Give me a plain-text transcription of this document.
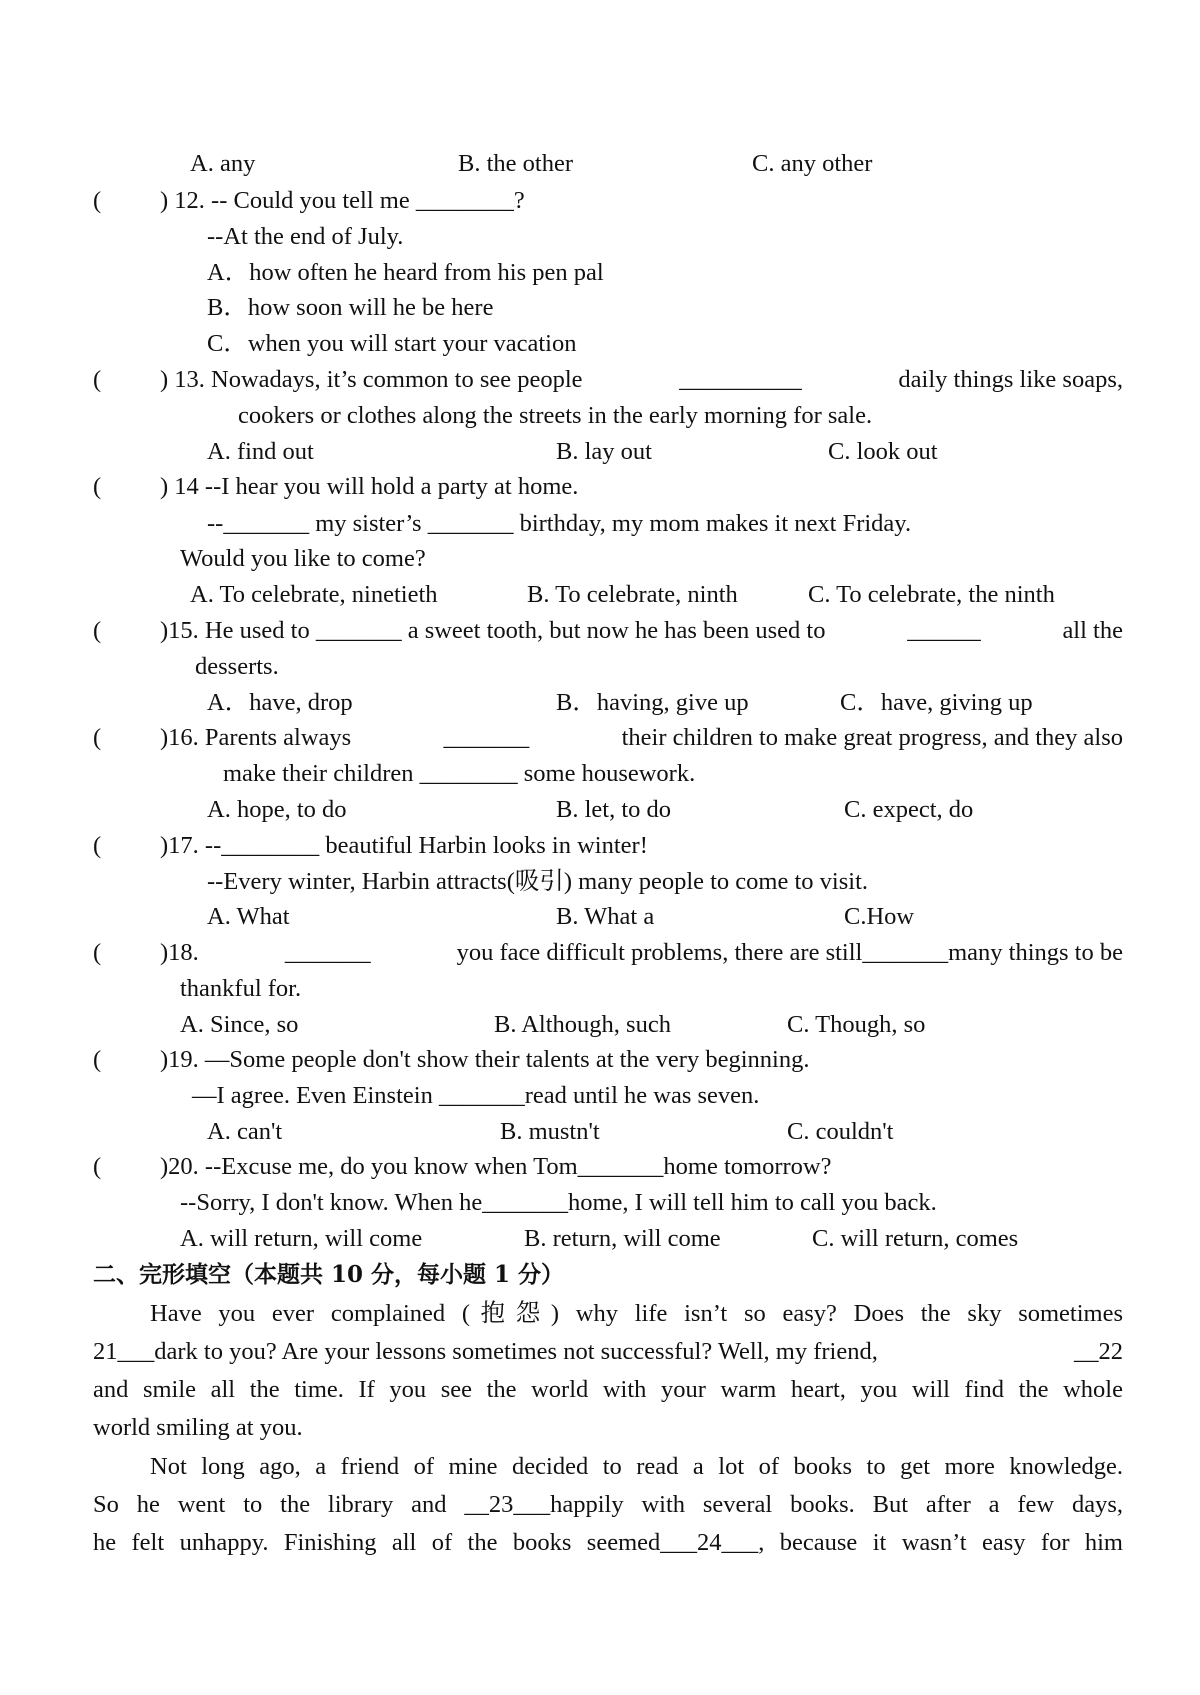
A. any	B. the other	C. any other
( ) 12. -- Could you tell me ________?
--At the end of July.
A．how often he heard from his pen pal
B．how soon will he be here
C．when you will start your vacation
( ) 13. Nowadays, it’s common to see people	__________	daily things like soaps,
cookers or clothes along the streets in the early morning for sale.
A. find out	B. lay out	C. look out
( ) 14 --I hear you will hold a party at home.
--_______ my sister’s _______ birthday, my mom makes it next Friday.
Would you like to come?
A. To celebrate, ninetieth	B. To celebrate, ninth	C. To celebrate, the ninth
( )15. He used to _______ a sweet tooth, but now he has been used to	______	all the
desserts.
A．have, drop	B．having, give up	C．have, giving up
( )16. Parents always	_______	their children to make great progress, and they also
make their children ________ some housework.
A. hope, to do	B. let, to do	C. expect, do
( )17. --________ beautiful Harbin looks in winter!
--Every winter, Harbin attracts(吸引) many people to come to visit.
A. What	B. What a	C.How
( )18.	_______	you face difficult problems, there are still_______many things to be
thankful for.
A. Since, so	B. Although, such	C. Though, so
( )19. —Some people don't show their talents at the very beginning.
—I agree. Even Einstein _______read until he was seven.
A. can't	B. mustn't	C. couldn't
( )20. --Excuse me, do you know when Tom_______home tomorrow?
--Sorry, I don't know. When he_______home, I will tell him to call you back.
A. will return, will come	B. return, will come	C. will return, comes
二、完形填空（本题共 10 分，每小题 1 分）
Have you ever complained (抱怨) why life isn’t so easy? Does the sky sometimes
21___dark to you? Are your lessons sometimes not successful? Well, my friend,	__22
and smile all the time. If you see the world with your warm heart, you will find the whole
world smiling at you.
Not long ago, a friend of mine decided to read a lot of books to get more knowledge.
So he went to the library and __23___happily with several books. But after a few days,
he felt unhappy. Finishing all of the books seemed___24___, because it wasn’t easy for him
